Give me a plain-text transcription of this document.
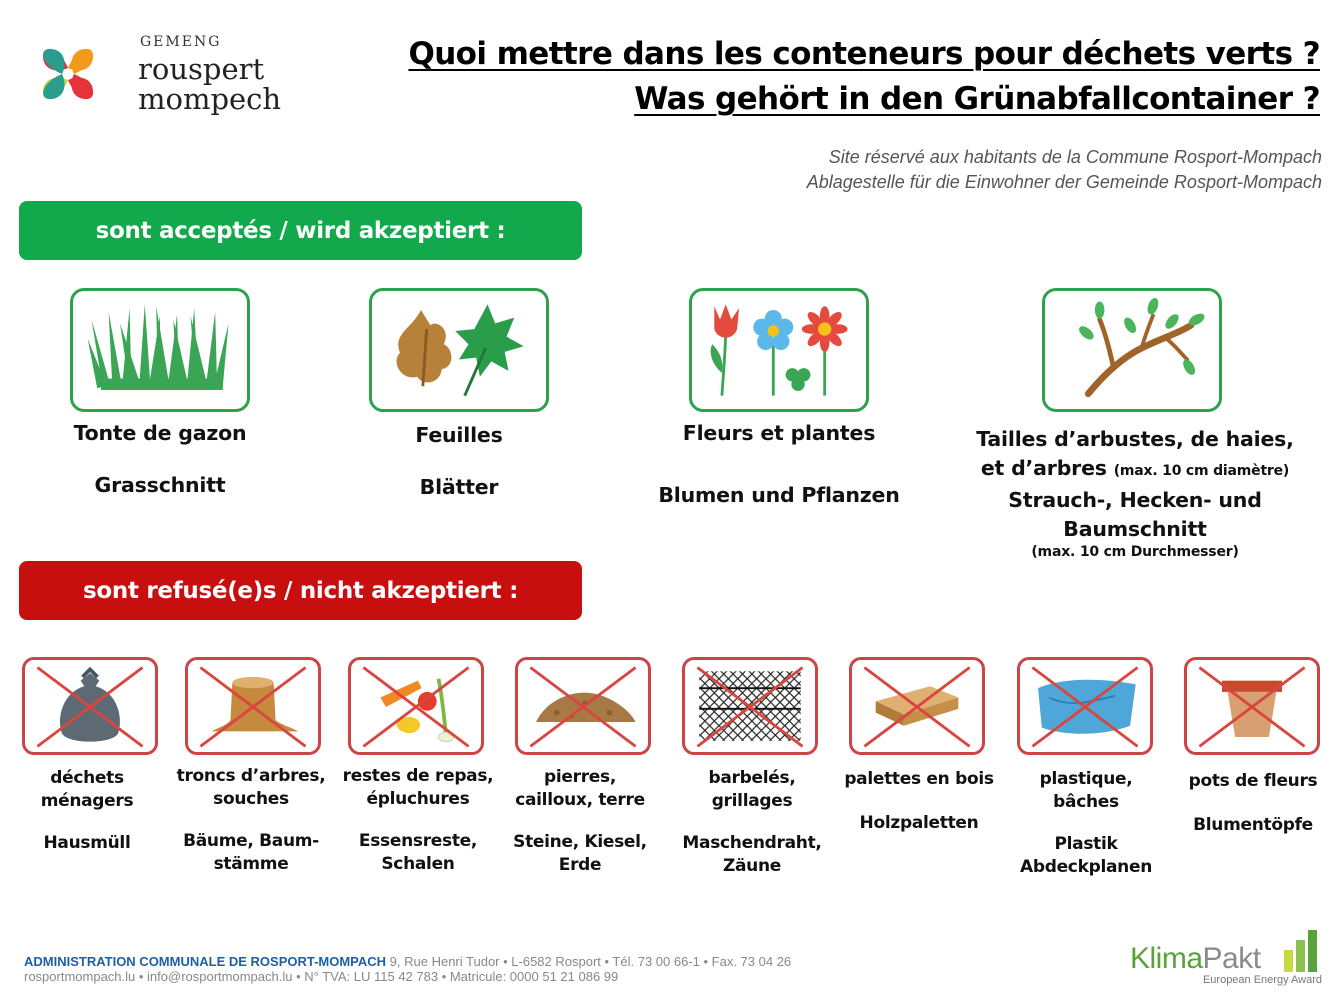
GEMENG
rouspert
mompech
Quoi mettre dans les conteneurs pour déchets verts ?
Was gehört in den Grünabfallcontainer ?
Site réservé aux habitants de la Commune Rosport-Mompach
Ablagestelle für die Einwohner der Gemeinde Rosport-Mompach
sont acceptés / wird akzeptiert :
Tonte de gazon
Grasschnitt
Feuilles
Blätter
Fleurs et plantes
Blumen und Pflanzen
Tailles d’arbustes, de haies,
et d’arbres (max. 10 cm diamètre)
Strauch-, Hecken- und
Baumschnitt
(max. 10 cm Durchmesser)
sont refusé(e)s / nicht akzeptiert :
déchets
ménagers
Hausmüll
troncs d’arbres,
souches
Bäume, Baum-
stämme
restes de repas,
épluchures
Essensreste,
Schalen
pierres,
cailloux, terre
Steine, Kiesel,
Erde
barbelés,
grillages
Maschendraht,
Zäune
palettes en bois
Holzpaletten
plastique,
bâches
Plastik
Abdeckplanen
pots de fleurs
Blumentöpfe
ADMINISTRATION COMMUNALE DE ROSPORT-MOMPACH 9, Rue Henri Tudor • L-6582 Rosport • Tél. 73 00 66-1 • Fax. 73 04 26
rosportmompach.lu • info@rosportmompach.lu • N° TVA: LU 115 42 783 • Matricule: 0000 51 21 086 99
KlimaPakt
European Energy Award
